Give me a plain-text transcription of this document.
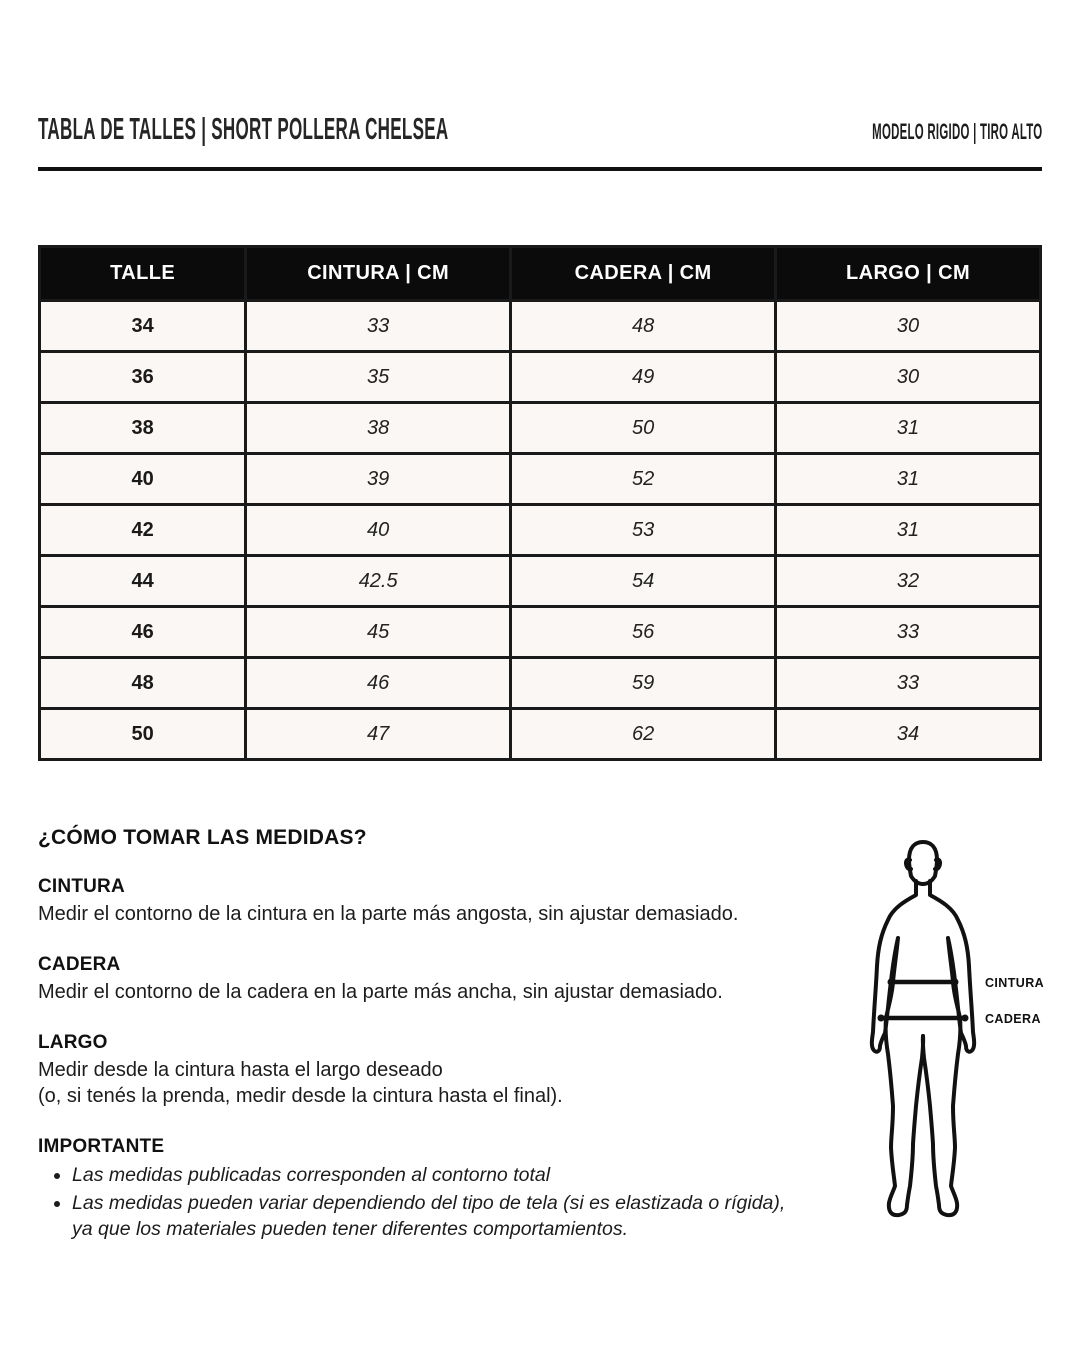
TABLA DE TALLES | SHORT POLLERA CHELSEA	MODELO RIGIDO | TIRO ALTO
TALLE	CINTURA | CM	CADERA | CM	LARGO | CM
34	33	48	30
36	35	49	30
38	38	50	31
40	39	52	31
42	40	53	31
44	42.5	54	32
46	45	56	33
48	46	59	33
50	47	62	34
¿CÓMO TOMAR LAS MEDIDAS?
CINTURA
Medir el contorno de la cintura en la parte más angosta, sin ajustar demasiado.
CADERA
Medir el contorno de la cadera en la parte más ancha, sin ajustar demasiado.
LARGO
Medir desde la cintura hasta el largo deseado
(o, si tenés la prenda, medir desde la cintura hasta el final).
IMPORTANTE
• Las medidas publicadas corresponden al contorno total
• Las medidas pueden variar dependiendo del tipo de tela (si es elastizada o rígida), ya que los materiales pueden tener diferentes comportamientos.
CINTURA
CADERA
